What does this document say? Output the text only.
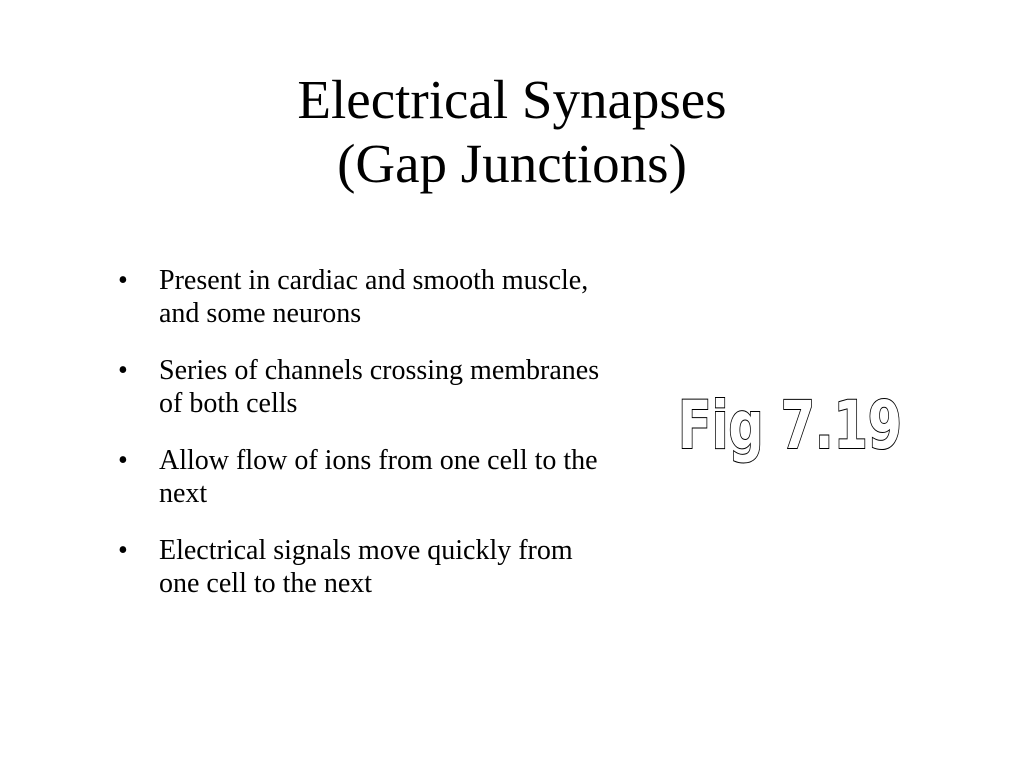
Electrical Synapses
(Gap Junctions)
• Present in cardiac and smooth muscle, and some neurons
• Series of channels crossing membranes of both cells
• Allow flow of ions from one cell to the next
• Electrical signals move quickly from one cell to the next
Fig 7.19
